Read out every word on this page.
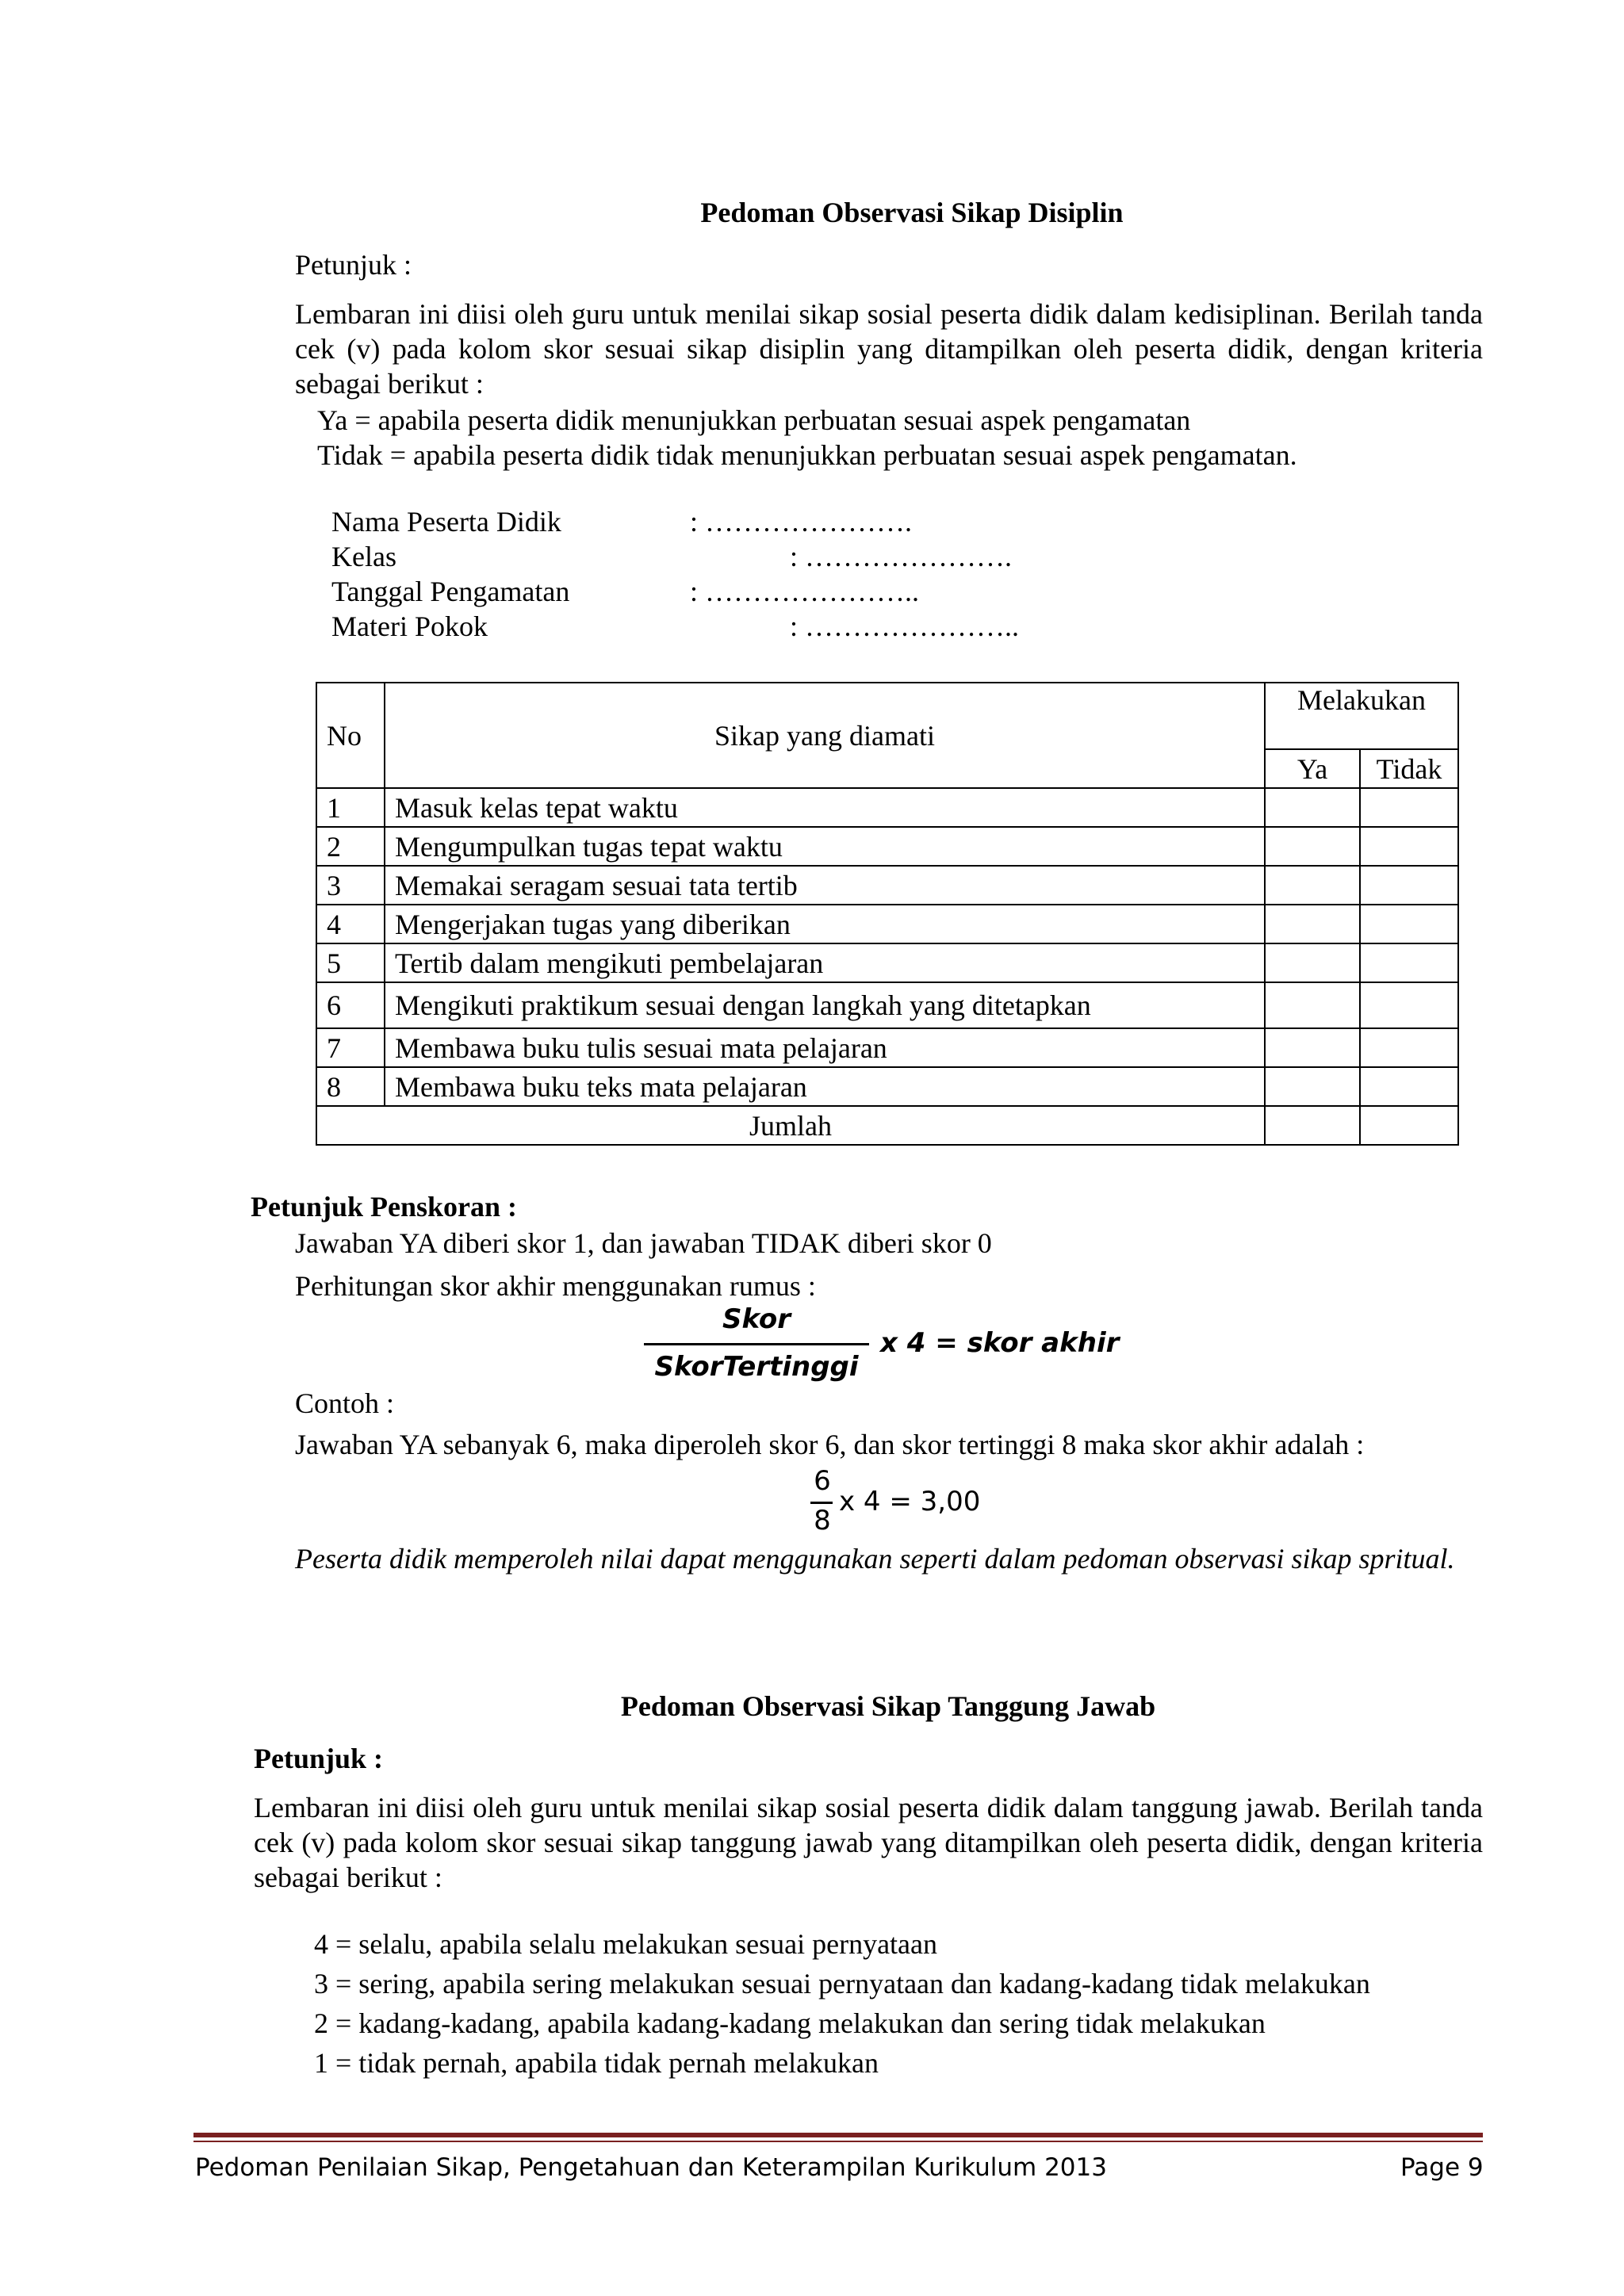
Pedoman Observasi Sikap Disiplin
Petunjuk :
Lembaran ini diisi oleh guru untuk menilai sikap sosial peserta didik dalam kedisiplinan. Berilah tanda cek (v) pada kolom skor sesuai sikap disiplin yang ditampilkan oleh peserta didik, dengan kriteria sebagai berikut :
Ya = apabila peserta didik menunjukkan perbuatan sesuai aspek pengamatan
Tidak = apabila peserta didik tidak menunjukkan perbuatan sesuai aspek pengamatan.
Nama Peserta Didik	: ………………….
Kelas	: ………………….
Tanggal Pengamatan	: …………………..
Materi Pokok	: …………………..
No	Sikap yang diamati	Melakukan	
		Ya	Tidak
1	Masuk kelas tepat waktu		
2	Mengumpulkan tugas tepat waktu		
3	Memakai seragam sesuai tata tertib		
4	Mengerjakan tugas yang diberikan		
5	Tertib dalam mengikuti pembelajaran		
6	Mengikuti praktikum sesuai dengan langkah yang ditetapkan		
7	Membawa buku tulis sesuai mata pelajaran		
8	Membawa buku teks mata pelajaran		
Jumlah			
Petunjuk Penskoran :
Jawaban YA diberi skor 1, dan jawaban TIDAK diberi skor 0
Perhitungan skor akhir menggunakan rumus :
Skor
SkorTertinggi
x 4 = skor akhir
Contoh :
Jawaban YA sebanyak 6, maka diperoleh skor 6, dan skor tertinggi 8 maka skor akhir adalah :
6
8
x 4 = 3,00
Peserta didik memperoleh nilai dapat menggunakan seperti dalam pedoman observasi sikap spritual.
Pedoman Observasi Sikap Tanggung Jawab
Petunjuk :
Lembaran ini diisi oleh guru untuk menilai sikap sosial peserta didik dalam tanggung jawab. Berilah tanda cek (v) pada kolom skor sesuai sikap tanggung jawab yang ditampilkan oleh peserta didik, dengan kriteria sebagai berikut :
4 = selalu, apabila selalu melakukan sesuai pernyataan
3 = sering, apabila sering melakukan sesuai pernyataan dan kadang-kadang tidak melakukan
2 = kadang-kadang, apabila kadang-kadang melakukan dan sering tidak melakukan
1 = tidak pernah, apabila tidak pernah melakukan
Pedoman Penilaian Sikap, Pengetahuan dan Keterampilan Kurikulum 2013	Page 9
